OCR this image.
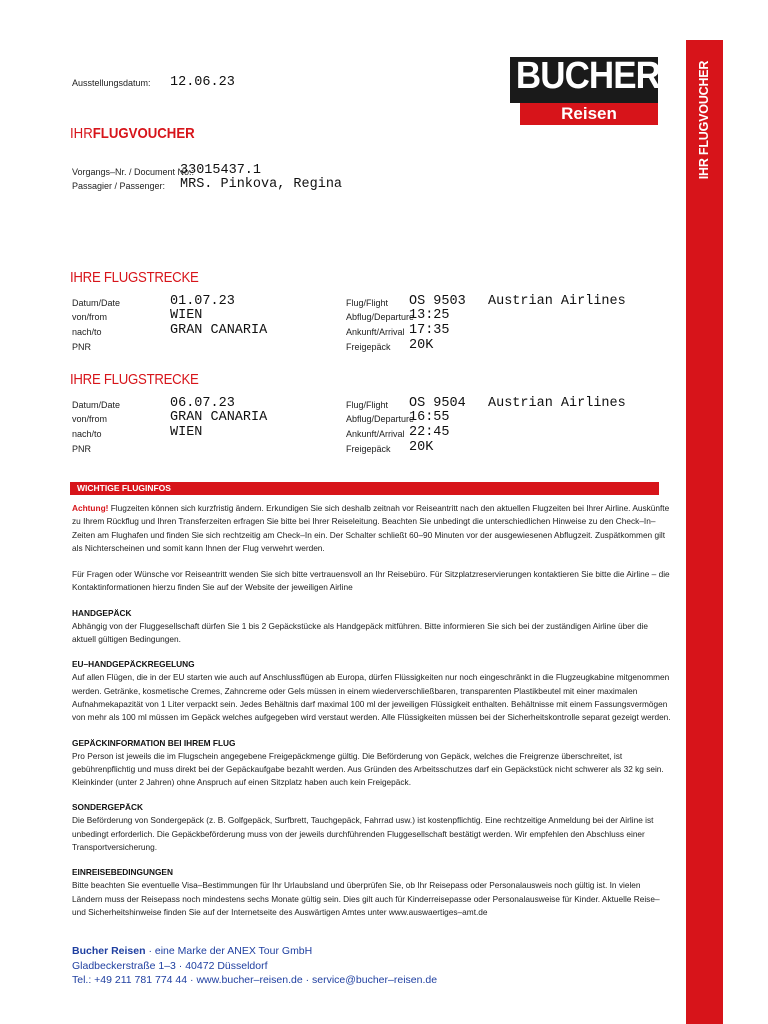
IHR FLUGVOUCHER
BUCHER
Reisen
Ausstellungsdatum: 12.06.23
IHRFLUGVOUCHER
Vorgangs–Nr. / Document No.:
33015437.1
Passagier / Passenger: MRS. Pinkova, Regina
IHRE FLUGSTRECKE
Datum/Date	01.07.23
von/from	WIEN
nach/to	GRAN CANARIA
PNR
Flug/Flight OS 9503 Austrian Airlines
Abflug/Departure
13:25
Ankunft/Arrival 17:35
Freigepäck 20K
IHRE FLUGSTRECKE
Datum/Date	06.07.23
von/from	GRAN CANARIA
nach/to	WIEN
PNR
Flug/Flight OS 9504 Austrian Airlines
Abflug/Departure
16:55
Ankunft/Arrival 22:45
Freigepäck 20K
WICHTIGE FLUGINFOS

Achtung! Flugzeiten können sich kurzfristig ändern. Erkundigen Sie sich deshalb zeitnah vor Reiseantritt nach den aktuellen Flugzeiten bei Ihrer Airline. Auskünfte zu Ihrem Rückflug und Ihren Transferzeiten erfragen Sie bitte bei Ihrer Reiseleitung. Beachten Sie unbedingt die unterschiedlichen Hinweise zu den Check–In–Zeiten am Flughafen und finden Sie sich rechtzeitig am Check–In ein. Der Schalter schließt 60–90 Minuten vor der ausgewiesenen Abflugzeit. Zuspätkommen gilt als Nichterscheinen und somit kann Ihnen der Flug verwehrt werden.

Für Fragen oder Wünsche vor Reiseantritt wenden Sie sich bitte vertrauensvoll an Ihr Reisebüro. Für Sitzplatzreservierungen kontaktieren Sie bitte die Airline – die Kontaktinformationen hierzu finden Sie auf der Website der jeweiligen Airline

HANDGEPÄCK

Abhängig von der Fluggesellschaft dürfen Sie 1 bis 2 Gepäckstücke als Handgepäck mitführen. Bitte informieren Sie sich bei der zuständigen Airline über die aktuell gültigen Bedingungen.

EU–HANDGEPÄCKREGELUNG

Auf allen Flügen, die in der EU starten wie auch auf Anschlussflügen ab Europa, dürfen Flüssigkeiten nur noch eingeschränkt in die Flugzeugkabine mitgenommen werden. Getränke, kosmetische Cremes, Zahncreme oder Gels müssen in einem wiederverschließbaren, transparenten Plastikbeutel mit einer maximalen Aufnahmekapazität von 1 Liter verpackt sein. Jedes Behältnis darf maximal 100 ml der jeweiligen Flüssigkeit enthalten. Behältnisse mit einem Fassungsvermögen von mehr als 100 ml müssen im Gepäck welches aufgegeben wird verstaut werden. Alle Flüssigkeiten müssen bei der Sicherheitskontrolle separat gezeigt werden.

GEPÄCKINFORMATION BEI IHREM FLUG

Pro Person ist jeweils die im Flugschein angegebene Freigepäckmenge gültig. Die Beförderung von Gepäck, welches die Freigrenze überschreitet, ist gebührenpflichtig und muss direkt bei der Gepäckaufgabe bezahlt werden. Aus Gründen des Arbeitsschutzes darf ein Gepäckstück nicht schwerer als 32 kg sein. Kleinkinder (unter 2 Jahren) ohne Anspruch auf einen Sitzplatz haben auch kein Freigepäck.

SONDERGEPÄCK

Die Beförderung von Sondergepäck (z. B. Golfgepäck, Surfbrett, Tauchgepäck, Fahrrad usw.) ist kostenpflichtig. Eine rechtzeitige Anmeldung bei der Airline ist unbedingt erforderlich. Die Gepäckbeförderung muss von der jeweils durchführenden Fluggesellschaft bestätigt werden. Wir empfehlen den Abschluss einer Transportversicherung.

EINREISEBEDINGUNGEN

Bitte beachten Sie eventuelle Visa–Bestimmungen für Ihr Urlaubsland und überprüfen Sie, ob Ihr Reisepass oder Personalausweis noch gültig ist. In vielen Ländern muss der Reisepass noch mindestens sechs Monate gültig sein. Dies gilt auch für Kinderreisepasse oder Personalausweise für Kinder. Aktuelle Reise– und Sicherheitshinweise finden Sie auf der Internetseite des Auswärtigen Amtes unter www.auswaertiges–amt.de

Bucher Reisen · eine Marke der ANEX Tour GmbH
Gladbeckerstraße 1–3 · 40472 Düsseldorf
Tel.: +49 211 781 774 44 · www.bucher–reisen.de · service@bucher–reisen.de
